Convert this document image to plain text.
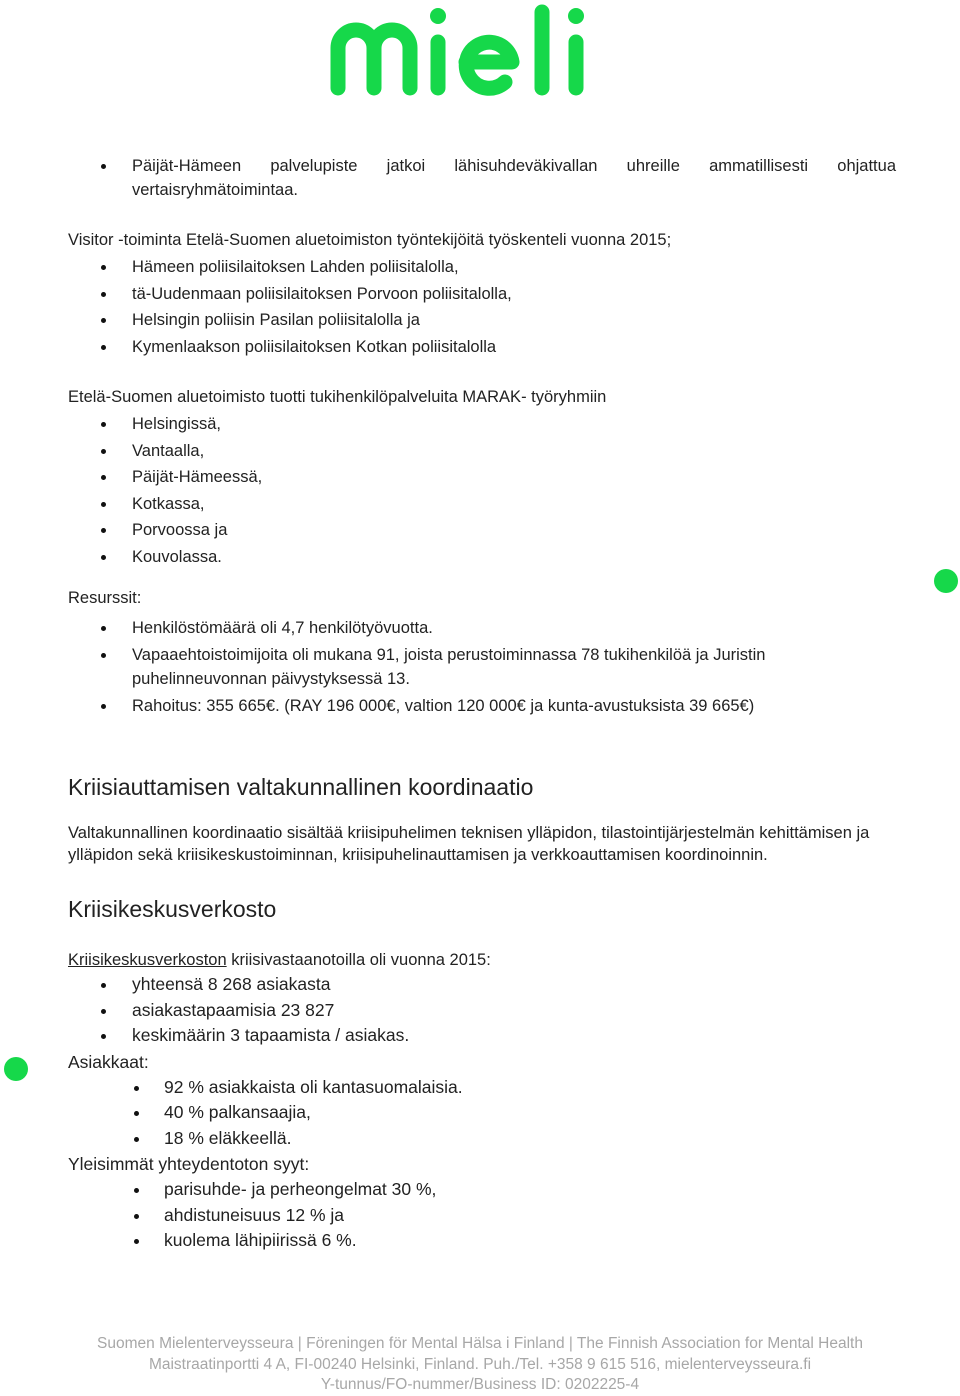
Päijät-Hämeen palvelupiste jatkoi lähisuhdeväkivallan uhreille ammatillisesti ohjattua vertaisryhmätoimintaa.

Visitor -toiminta Etelä-Suomen aluetoimiston työntekijöitä työskenteli vuonna 2015;

Hämeen poliisilaitoksen Lahden poliisitalolla,
tä-Uudenmaan poliisilaitoksen Porvoon poliisitalolla,
Helsingin poliisin Pasilan poliisitalolla ja
Kymenlaakson poliisilaitoksen Kotkan poliisitalolla

Etelä-Suomen aluetoimisto tuotti tukihenkilöpalveluita MARAK- työryhmiin

Helsingissä,
Vantaalla,
Päijät-Hämeessä,
Kotkassa,
Porvoossa ja
Kouvolassa.

Resurssit:

Henkilöstömäärä oli 4,7 henkilötyövuotta.
Vapaaehtoistoimijoita oli mukana 91, joista perustoiminnassa 78 tukihenkilöä ja Juristin puhelinneuvonnan päivystyksessä 13.
Rahoitus: 355 665€. (RAY 196 000€, valtion 120 000€ ja kunta-avustuksista 39 665€)
Kriisiauttamisen valtakunnallinen koordinaatio

Valtakunnallinen koordinaatio sisältää kriisipuhelimen teknisen ylläpidon, tilastointijärjestelmän kehittämisen ja ylläpidon sekä kriisikeskustoiminnan, kriisipuhelinauttamisen ja verkkoauttamisen koordinoinnin.

Kriisikeskusverkosto

Kriisikeskusverkoston kriisivastaanotoilla oli vuonna 2015:

yhteensä 8 268 asiakasta
asiakastapaamisia 23 827
keskimäärin 3 tapaamista / asiakas.

Asiakkaat:

92 % asiakkaista oli kantasuomalaisia.
40 % palkansaajia,
18 % eläkkeellä.

Yleisimmät yhteydentoton syyt:

parisuhde- ja perheongelmat 30 %,
ahdistuneisuus 12 % ja
kuolema lähipiirissä 6 %.
Suomen Mielenterveysseura | Föreningen för Mental Hälsa i Finland | The Finnish Association for Mental Health
Maistraatinportti 4 A, FI-00240 Helsinki, Finland. Puh./Tel. +358 9 615 516, mielenterveysseura.fi
Y-tunnus/FO-nummer/Business ID: 0202225-4
